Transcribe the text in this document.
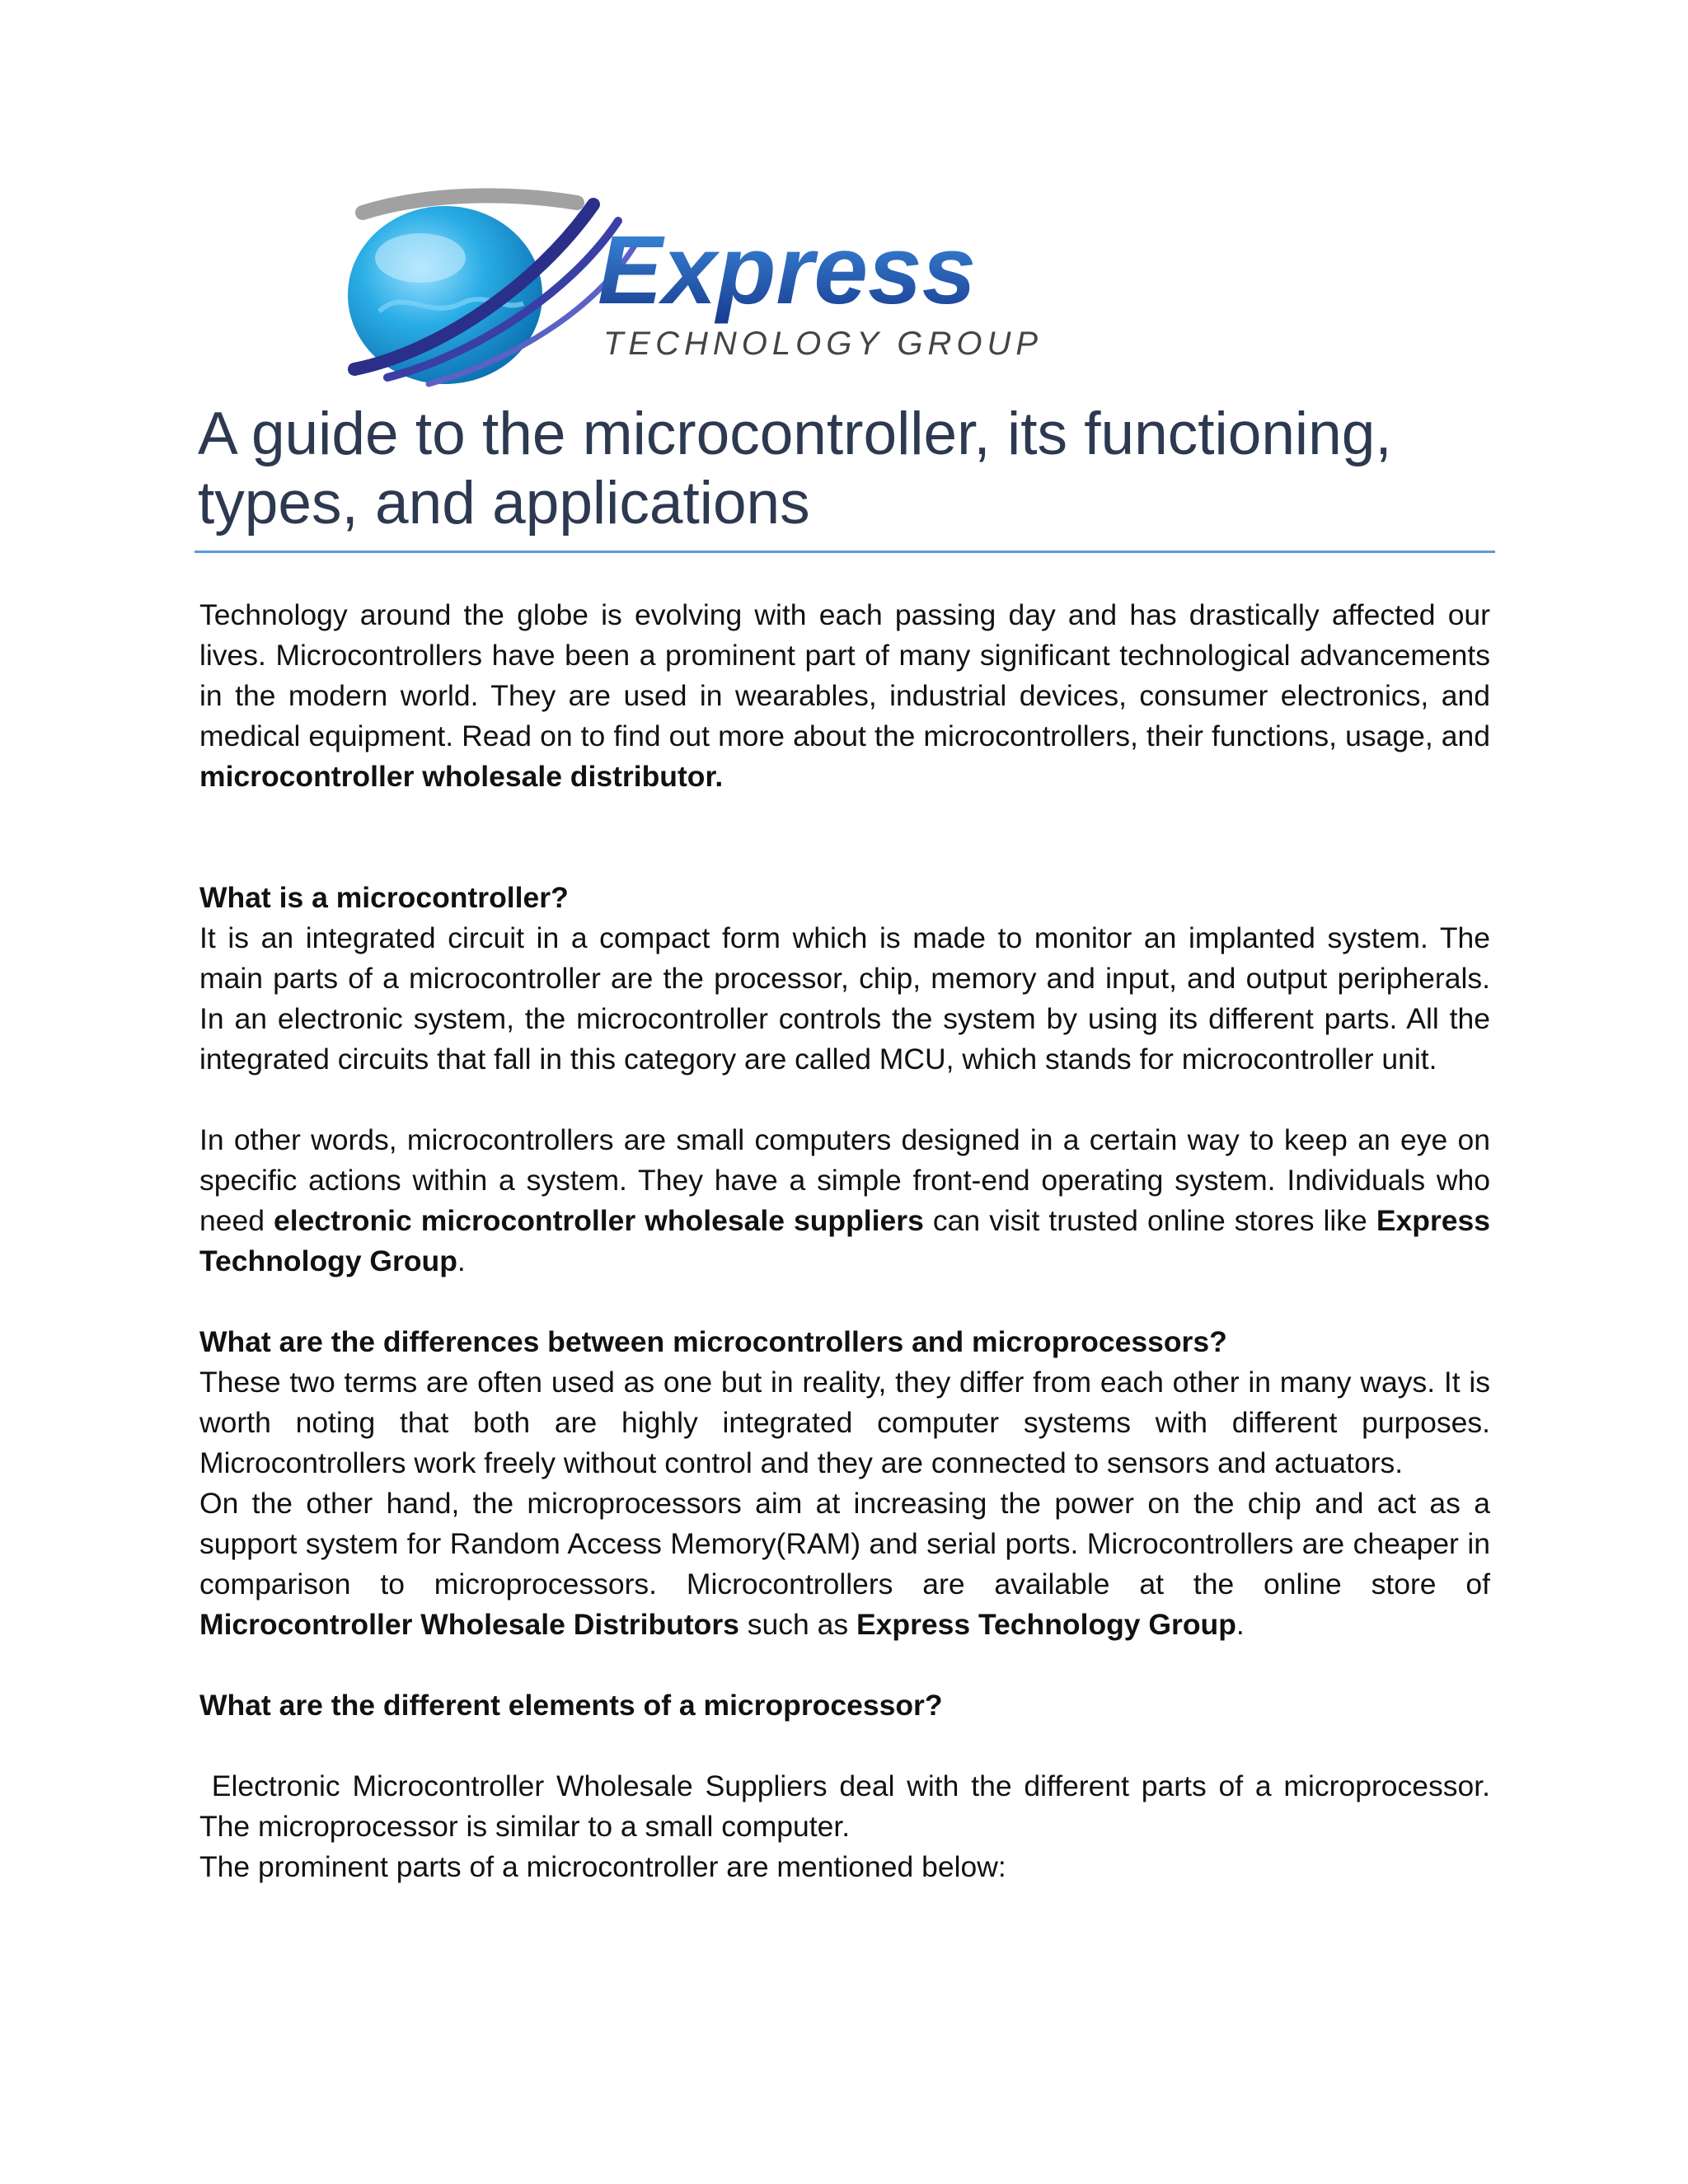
Express
TECHNOLOGY GROUP
A guide to the microcontroller, its functioning, types, and applications

Technology around the globe is evolving with each passing day and has drastically affected our lives. Microcontrollers have been a prominent part of many significant technological advancements in the modern world. They are used in wearables, industrial devices, consumer electronics, and medical equipment. Read on to find out more about the microcontrollers, their functions, usage, and microcontroller wholesale distributor.

What is a microcontroller?

It is an integrated circuit in a compact form which is made to monitor an implanted system. The main parts of a microcontroller are the processor, chip, memory and input, and output peripherals. In an electronic system, the microcontroller controls the system by using its different parts. All the integrated circuits that fall in this category are called MCU, which stands for microcontroller unit.

In other words, microcontrollers are small computers designed in a certain way to keep an eye on specific actions within a system. They have a simple front-end operating system. Individuals who need electronic microcontroller wholesale suppliers can visit trusted online stores like Express Technology Group.

What are the differences between microcontrollers and microprocessors?

These two terms are often used as one but in reality, they differ from each other in many ways. It is worth noting that both are highly integrated computer systems with different purposes. Microcontrollers work freely without control and they are connected to sensors and actuators.

On the other hand, the microprocessors aim at increasing the power on the chip and act as a support system for Random Access Memory(RAM) and serial ports. Microcontrollers are cheaper in comparison to microprocessors. Microcontrollers are available at the online store of Microcontroller Wholesale Distributors such as Express Technology Group.

What are the different elements of a microprocessor?

Electronic Microcontroller Wholesale Suppliers deal with the different parts of a microprocessor. The microprocessor is similar to a small computer.

The prominent parts of a microcontroller are mentioned below:
